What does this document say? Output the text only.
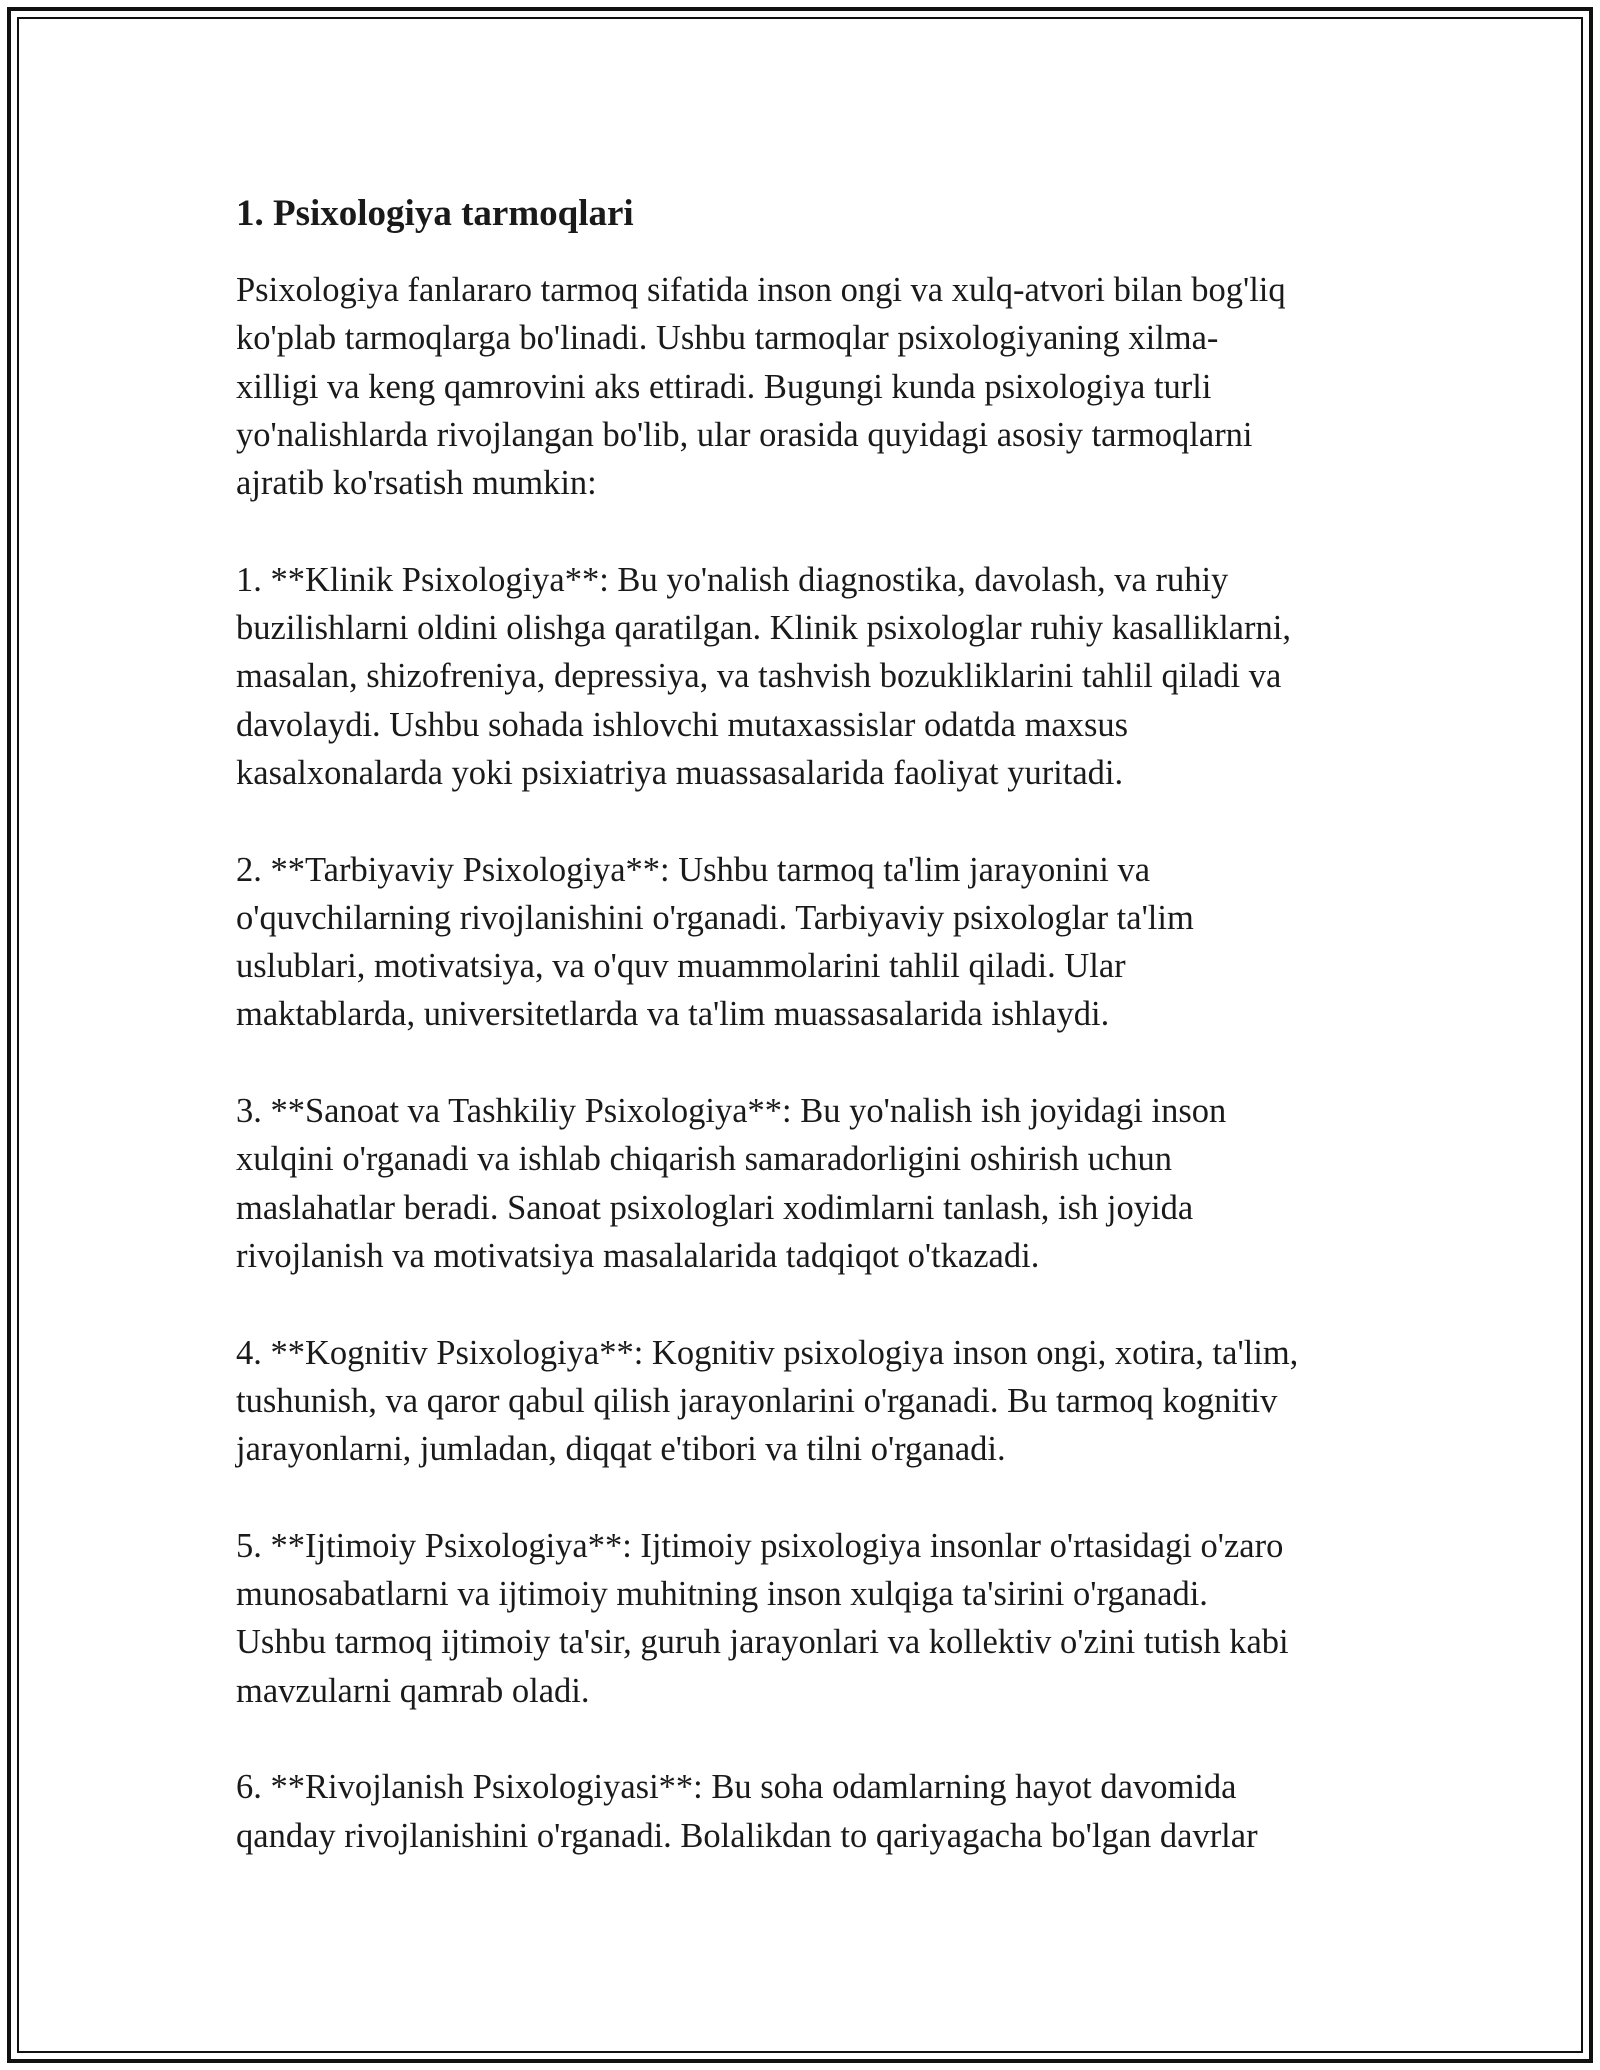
1. Psixologiya tarmoqlari

Psixologiya fanlararo tarmoq sifatida inson ongi va xulq-atvori bilan bog'liq
ko'plab tarmoqlarga bo'linadi. Ushbu tarmoqlar psixologiyaning xilma-
xilligi va keng qamrovini aks ettiradi. Bugungi kunda psixologiya turli
yo'nalishlarda rivojlangan bo'lib, ular orasida quyidagi asosiy tarmoqlarni
ajratib ko'rsatish mumkin:

1. **Klinik Psixologiya**: Bu yo'nalish diagnostika, davolash, va ruhiy
buzilishlarni oldini olishga qaratilgan. Klinik psixologlar ruhiy kasalliklarni,
masalan, shizofreniya, depressiya, va tashvish bozukliklarini tahlil qiladi va
davolaydi. Ushbu sohada ishlovchi mutaxassislar odatda maxsus
kasalxonalarda yoki psixiatriya muassasalarida faoliyat yuritadi.

2. **Tarbiyaviy Psixologiya**: Ushbu tarmoq ta'lim jarayonini va
o'quvchilarning rivojlanishini o'rganadi. Tarbiyaviy psixologlar ta'lim
uslublari, motivatsiya, va o'quv muammolarini tahlil qiladi. Ular
maktablarda, universitetlarda va ta'lim muassasalarida ishlaydi.

3. **Sanoat va Tashkiliy Psixologiya**: Bu yo'nalish ish joyidagi inson
xulqini o'rganadi va ishlab chiqarish samaradorligini oshirish uchun
maslahatlar beradi. Sanoat psixologlari xodimlarni tanlash, ish joyida
rivojlanish va motivatsiya masalalarida tadqiqot o'tkazadi.

4. **Kognitiv Psixologiya**: Kognitiv psixologiya inson ongi, xotira, ta'lim,
tushunish, va qaror qabul qilish jarayonlarini o'rganadi. Bu tarmoq kognitiv
jarayonlarni, jumladan, diqqat e'tibori va tilni o'rganadi.

5. **Ijtimoiy Psixologiya**: Ijtimoiy psixologiya insonlar o'rtasidagi o'zaro
munosabatlarni va ijtimoiy muhitning inson xulqiga ta'sirini o'rganadi.
Ushbu tarmoq ijtimoiy ta'sir, guruh jarayonlari va kollektiv o'zini tutish kabi
mavzularni qamrab oladi.

6. **Rivojlanish Psixologiyasi**: Bu soha odamlarning hayot davomida
qanday rivojlanishini o'rganadi. Bolalikdan to qariyagacha bo'lgan davrlar
